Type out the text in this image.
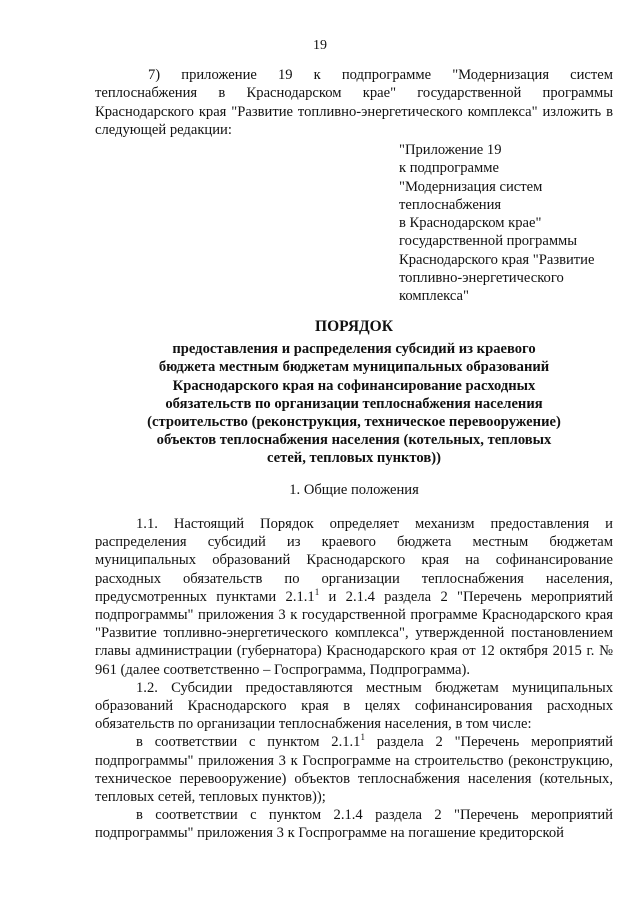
19

7) приложение 19 к подпрограмме "Модернизация систем теплоснабжения в Краснодарском крае" государственной программы Краснодарского края "Развитие топливно-энергетического комплекса" изложить в следующей редакции:

"Приложение 19
к подпрограмме
"Модернизация систем
теплоснабжения
в Краснодарском крае"
государственной программы
Краснодарского края "Развитие
топливно-энергетического
комплекса"
ПОРЯДОК
предоставления и распределения субсидий из краевого
бюджета местным бюджетам муниципальных образований
Краснодарского края на софинансирование расходных
обязательств по организации теплоснабжения населения
(строительство (реконструкция, техническое перевооружение)
объектов теплоснабжения населения (котельных, тепловых
сетей, тепловых пунктов))
1. Общие положения

1.1. Настоящий Порядок определяет механизм предоставления и распределения субсидий из краевого бюджета местным бюджетам муниципальных образований Краснодарского края на софинансирование расходных обязательств по организации теплоснабжения населения, предусмотренных пунктами 2.1.1$^1$ и 2.1.4 раздела 2 "Перечень мероприятий подпрограммы" приложения 3 к государственной программе Краснодарского края "Развитие топливно-энергетического комплекса", утвержденной постановлением главы администрации (губернатора) Краснодарского края от 12 октября 2015 г. № 961 (далее соответственно – Госпрограмма, Подпрограмма).

1.2. Субсидии предоставляются местным бюджетам муниципальных образований Краснодарского края в целях софинансирования расходных обязательств по организации теплоснабжения населения, в том числе:

в соответствии с пунктом 2.1.1$^1$ раздела 2 "Перечень мероприятий подпрограммы" приложения 3 к Госпрограмме на строительство (реконструкцию, техническое перевооружение) объектов теплоснабжения населения (котельных, тепловых сетей, тепловых пунктов));

в соответствии с пунктом 2.1.4 раздела 2 "Перечень мероприятий подпрограммы" приложения 3 к Госпрограмме на погашение кредиторской
